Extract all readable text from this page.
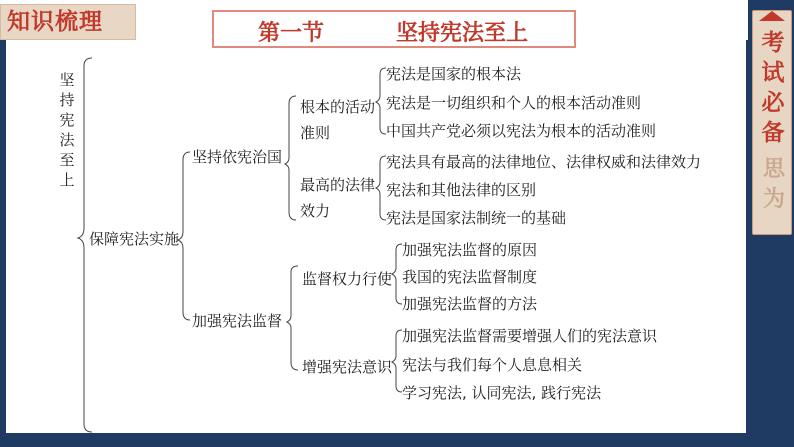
知识梳理	第一节	坚持宪法至上	考
试
必
备
思
为
坚
持
宪
法
至
上
保障宪法实施
坚持依宪治国
加强宪法监督
根本的活动准则
最高的法律效力
监督权力行使
增强宪法意识
宪法是国家的根本法
宪法是一切组织和个人的根本活动准则
中国共产党必须以宪法为根本的活动准则
宪法具有最高的法律地位、法律权威和法律效力
宪法和其他法律的区别
宪法是国家法制统一的基础
加强宪法监督的原因
我国的宪法监督制度
加强宪法监督的方法
加强宪法监督需要增强人们的宪法意识
宪法与我们每个人息息相关
学习宪法, 认同宪法, 践行宪法
